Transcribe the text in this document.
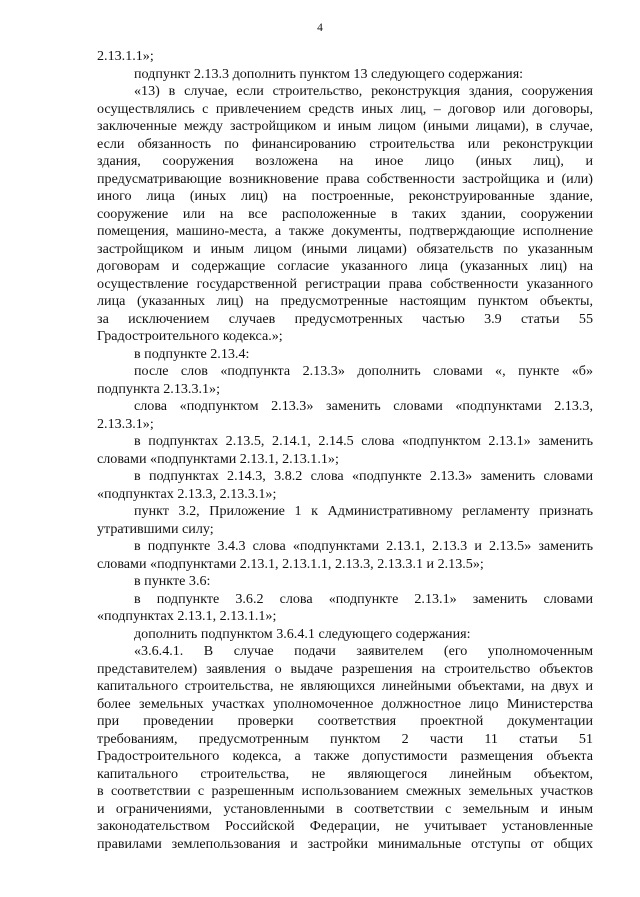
4
2.13.1.1»;
подпункт 2.13.3 дополнить пунктом 13 следующего содержания:
«13) в случае, если строительство, реконструкция здания, сооружения
осуществлялись с привлечением средств иных лиц, – договор или договоры,
заключенные между застройщиком и иным лицом (иными лицами), в случае,
если обязанность по финансированию строительства или реконструкции
здания, сооружения возложена на иное лицо (иных лиц), и
предусматривающие возникновение права собственности застройщика и (или)
иного лица (иных лиц) на построенные, реконструированные здание,
сооружение или на все расположенные в таких здании, сооружении
помещения, машино-места, а также документы, подтверждающие исполнение
застройщиком и иным лицом (иными лицами) обязательств по указанным
договорам и содержащие согласие указанного лица (указанных лиц) на
осуществление государственной регистрации права собственности указанного
лица (указанных лиц) на предусмотренные настоящим пунктом объекты,
за исключением случаев предусмотренных частью 3.9 статьи 55
Градостроительного кодекса.»;
в подпункте 2.13.4:
после слов «подпункта 2.13.3» дополнить словами «, пункте «б»
подпункта 2.13.3.1»;
слова «подпунктом 2.13.3» заменить словами «подпунктами 2.13.3,
2.13.3.1»;
в подпунктах 2.13.5, 2.14.1, 2.14.5 слова «подпунктом 2.13.1» заменить
словами «подпунктами 2.13.1, 2.13.1.1»;
в подпунктах 2.14.3, 3.8.2 слова «подпункте 2.13.3» заменить словами
«подпунктах 2.13.3, 2.13.3.1»;
пункт 3.2, Приложение 1 к Административному регламенту признать
утратившими силу;
в подпункте 3.4.3 слова «подпунктами 2.13.1, 2.13.3 и 2.13.5» заменить
словами «подпунктами 2.13.1, 2.13.1.1, 2.13.3, 2.13.3.1 и 2.13.5»;
в пункте 3.6:
в подпункте 3.6.2 слова «подпункте 2.13.1» заменить словами
«подпунктах 2.13.1, 2.13.1.1»;
дополнить подпунктом 3.6.4.1 следующего содержания:
«3.6.4.1. В случае подачи заявителем (его уполномоченным
представителем) заявления о выдаче разрешения на строительство объектов
капитального строительства, не являющихся линейными объектами, на двух и
более земельных участках уполномоченное должностное лицо Министерства
при проведении проверки соответствия проектной документации
требованиям, предусмотренным пунктом 2 части 11 статьи 51
Градостроительного кодекса, а также допустимости размещения объекта
капитального строительства, не являющегося линейным объектом,
в соответствии с разрешенным использованием смежных земельных участков
и ограничениями, установленными в соответствии с земельным и иным
законодательством Российской Федерации, не учитывает установленные
правилами землепользования и застройки минимальные отступы от общих
